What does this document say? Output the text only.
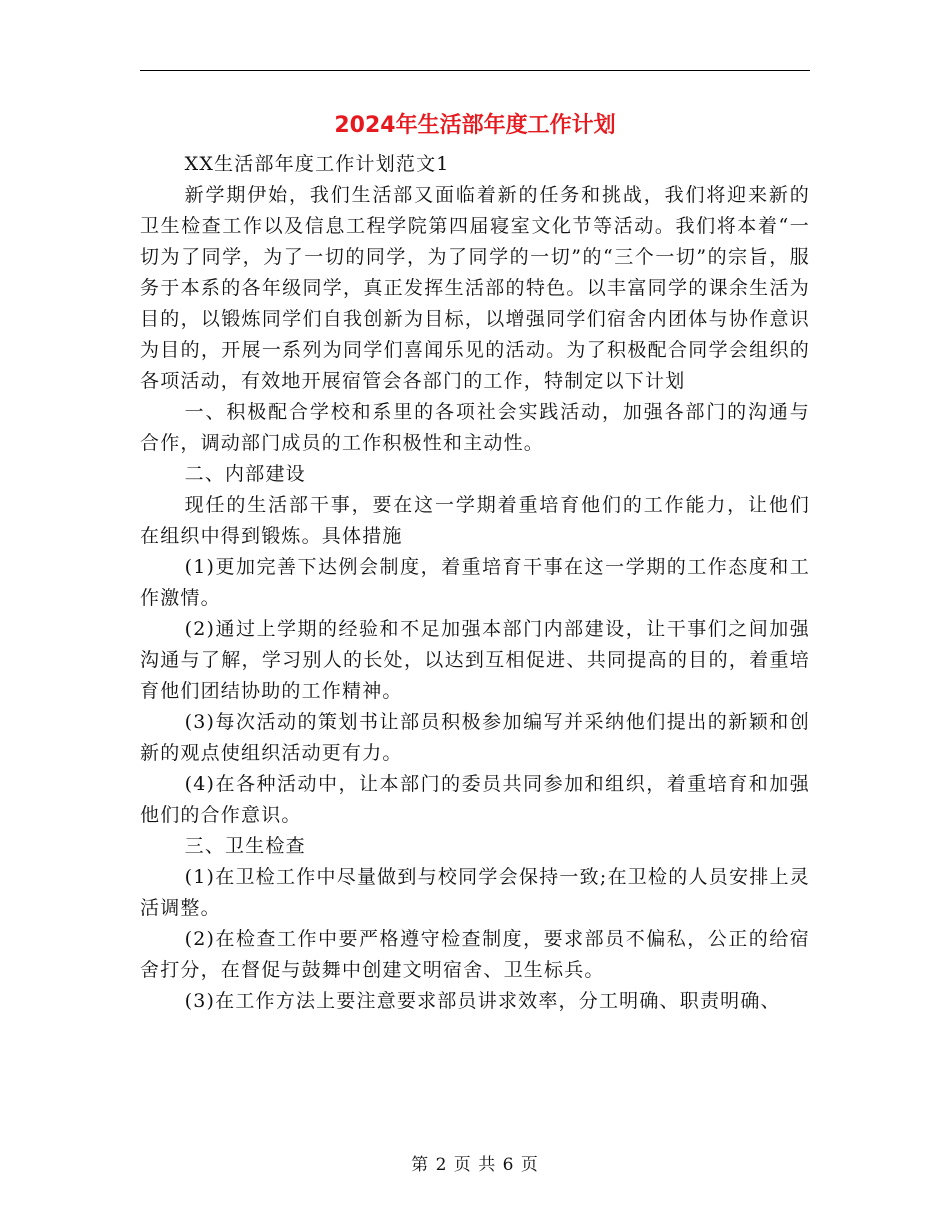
2024年生活部年度工作计划

XX生活部年度工作计划范文1

新学期伊始，我们生活部又面临着新的任务和挑战，我们将迎来新的卫生检查工作以及信息工程学院第四届寝室文化节等活动。我们将本着“一切为了同学，为了一切的同学，为了同学的一切”的“三个一切”的宗旨，服务于本系的各年级同学，真正发挥生活部的特色。以丰富同学的课余生活为目的，以锻炼同学们自我创新为目标，以增强同学们宿舍内团体与协作意识为目的，开展一系列为同学们喜闻乐见的活动。为了积极配合同学会组织的各项活动，有效地开展宿管会各部门的工作，特制定以下计划

一、积极配合学校和系里的各项社会实践活动，加强各部门的沟通与合作，调动部门成员的工作积极性和主动性。

二、内部建设

现任的生活部干事，要在这一学期着重培育他们的工作能力，让他们在组织中得到锻炼。具体措施

(1)更加完善下达例会制度，着重培育干事在这一学期的工作态度和工作激情。

(2)通过上学期的经验和不足加强本部门内部建设，让干事们之间加强沟通与了解，学习别人的长处，以达到互相促进、共同提高的目的，着重培育他们团结协助的工作精神。

(3)每次活动的策划书让部员积极参加编写并采纳他们提出的新颖和创新的观点使组织活动更有力。

(4)在各种活动中，让本部门的委员共同参加和组织，着重培育和加强他们的合作意识。

三、卫生检查

(1)在卫检工作中尽量做到与校同学会保持一致;在卫检的人员安排上灵活调整。

(2)在检查工作中要严格遵守检查制度，要求部员不偏私，公正的给宿舍打分，在督促与鼓舞中创建文明宿舍、卫生标兵。

(3)在工作方法上要注意要求部员讲求效率，分工明确、职责明确、

第 2 页 共 6 页
